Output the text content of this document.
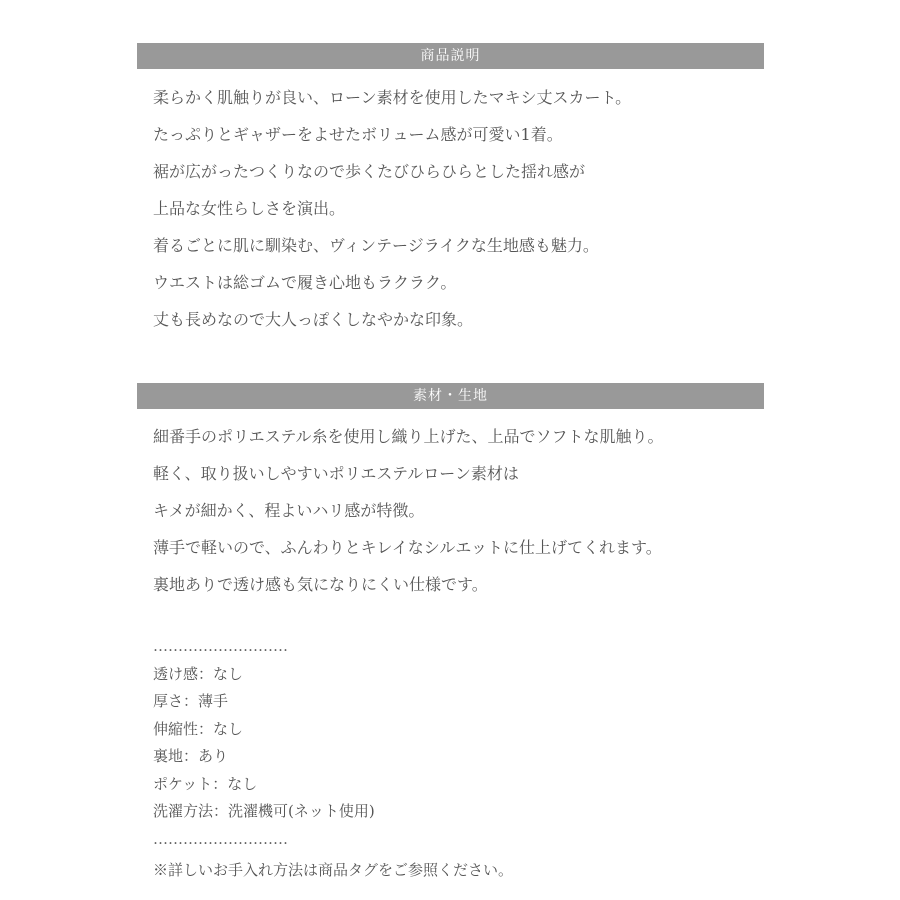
商品説明
柔らかく肌触りが良い、ローン素材を使用したマキシ丈スカート。
たっぷりとギャザーをよせたボリューム感が可愛い1着。
裾が広がったつくりなので歩くたびひらひらとした揺れ感が
上品な女性らしさを演出。
着るごとに肌に馴染む、ヴィンテージライクな生地感も魅力。
ウエストは総ゴムで履き心地もラクラク。
丈も長めなので大人っぽくしなやかな印象。
素材・生地
細番手のポリエステル糸を使用し織り上げた、上品でソフトな肌触り。
軽く、取り扱いしやすいポリエステルローン素材は
キメが細かく、程よいハリ感が特徴。
薄手で軽いので、ふんわりとキレイなシルエットに仕上げてくれます。
裏地ありで透け感も気になりにくい仕様です。
………………………
透け感：なし
厚さ：薄手
伸縮性：なし
裏地：あり
ポケット：なし
洗濯方法：洗濯機可(ネット使用)
………………………
※詳しいお手入れ方法は商品タグをご参照ください。
